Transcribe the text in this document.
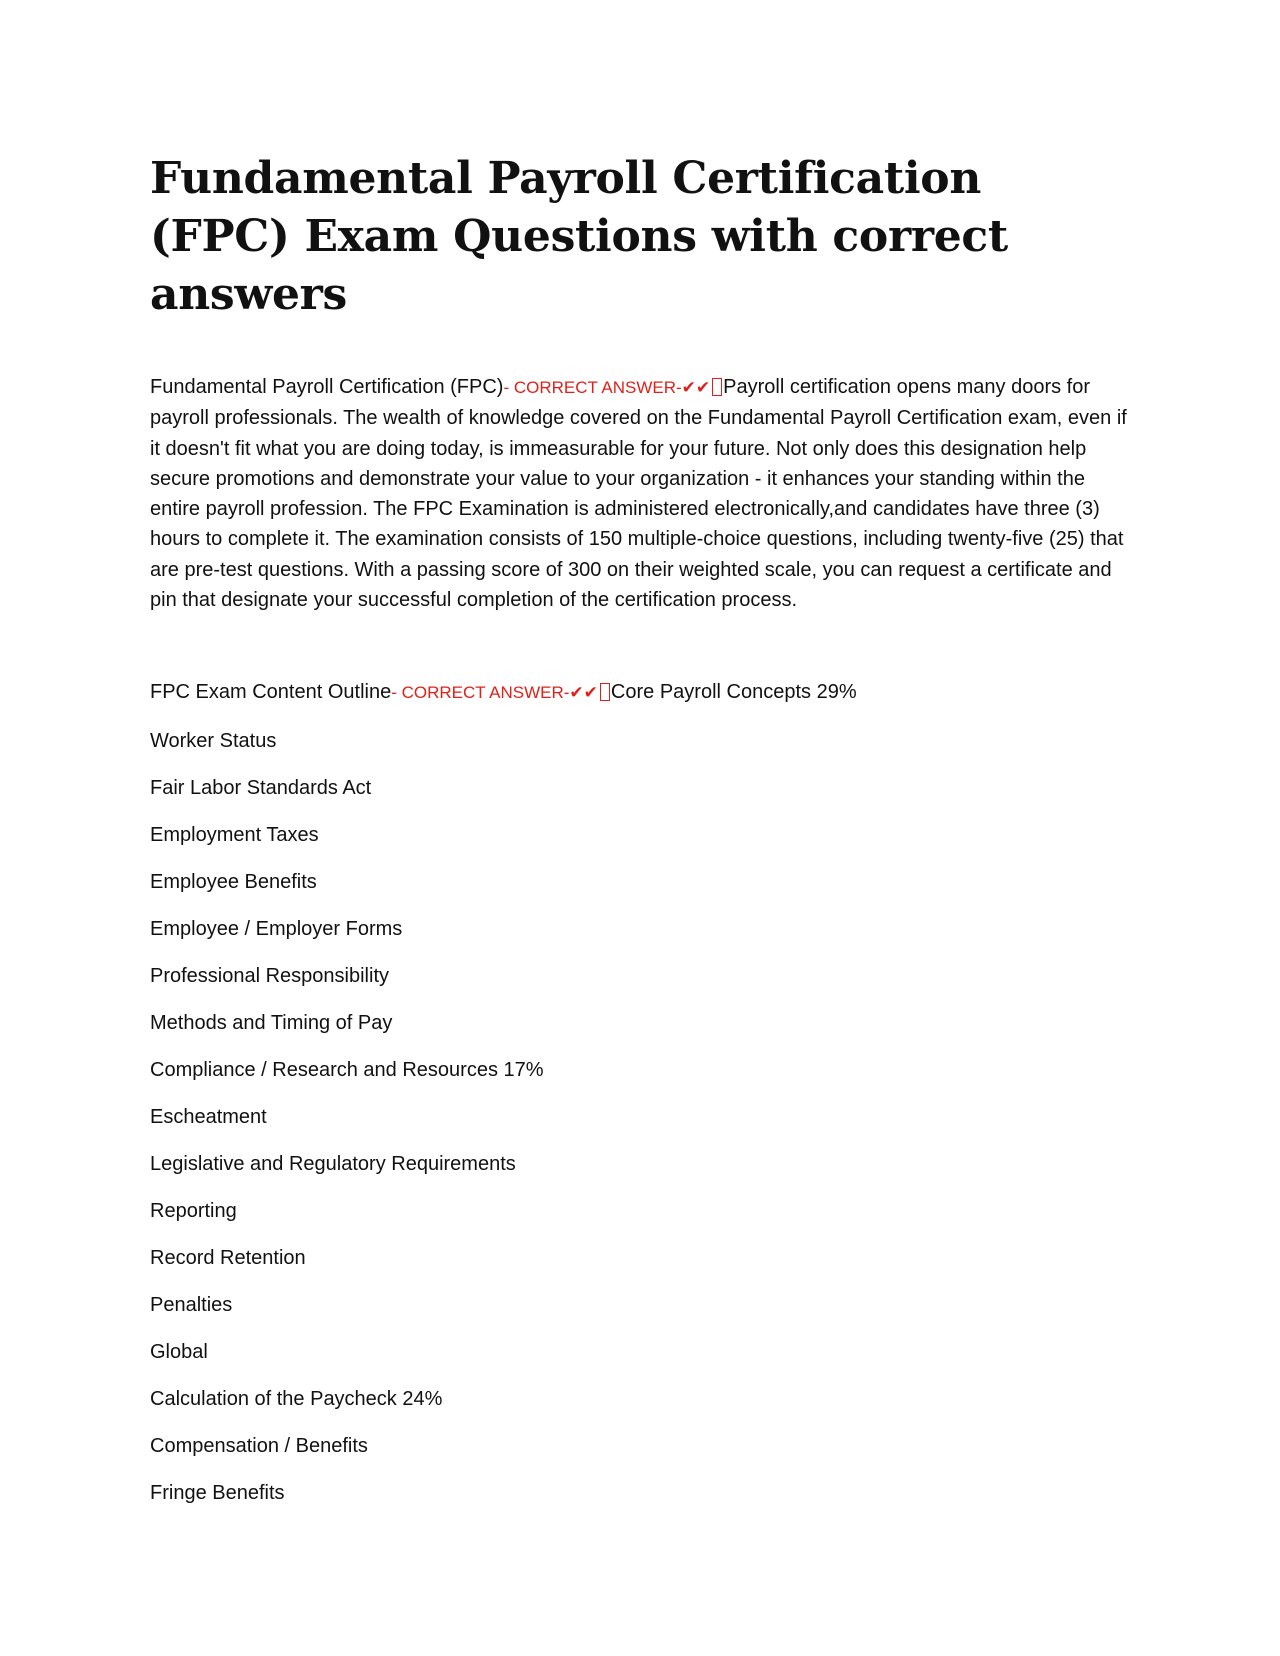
Fundamental Payroll Certification (FPC) Exam Questions with correct answers

Fundamental Payroll Certification (FPC)- CORRECT ANSWER-✔✔ Payroll certification opens many doors for payroll professionals. The wealth of knowledge covered on the Fundamental Payroll Certification exam, even if it doesn't fit what you are doing today, is immeasurable for your future. Not only does this designation help secure promotions and demonstrate your value to your organization - it enhances your standing within the entire payroll profession. The FPC Examination is administered electronically,and candidates have three (3) hours to complete it. The examination consists of 150 multiple-choice questions, including twenty-five (25) that are pre-test questions. With a passing score of 300 on their weighted scale, you can request a certificate and pin that designate your successful completion of the certification process.

FPC Exam Content Outline- CORRECT ANSWER-✔✔ Core Payroll Concepts 29%

Worker Status
Fair Labor Standards Act
Employment Taxes
Employee Benefits
Employee / Employer Forms
Professional Responsibility
Methods and Timing of Pay
Compliance / Research and Resources 17%
Escheatment
Legislative and Regulatory Requirements
Reporting
Record Retention
Penalties
Global
Calculation of the Paycheck 24%
Compensation / Benefits
Fringe Benefits
